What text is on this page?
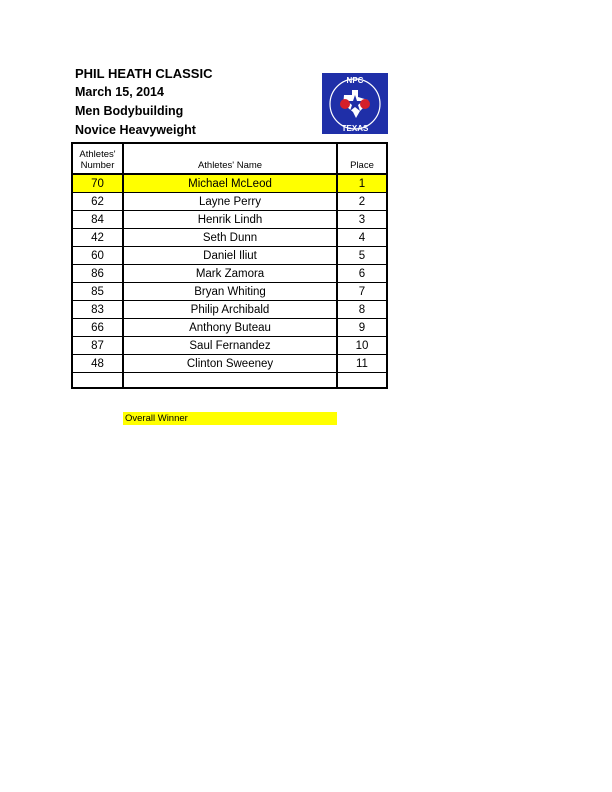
PHIL HEATH CLASSIC
March 15, 2014
Men Bodybuilding
Novice Heavyweight
NPC
TEXAS
Athletes'
Number	Athletes' Name	Place
70	Michael McLeod	1
62	Layne Perry	2
84	Henrik Lindh	3
42	Seth Dunn	4
60	Daniel Iliut	5
86	Mark Zamora	6
85	Bryan Whiting	7
83	Philip Archibald	8
66	Anthony Buteau	9
87	Saul Fernandez	10
48	Clinton Sweeney	11

Overall Winner
